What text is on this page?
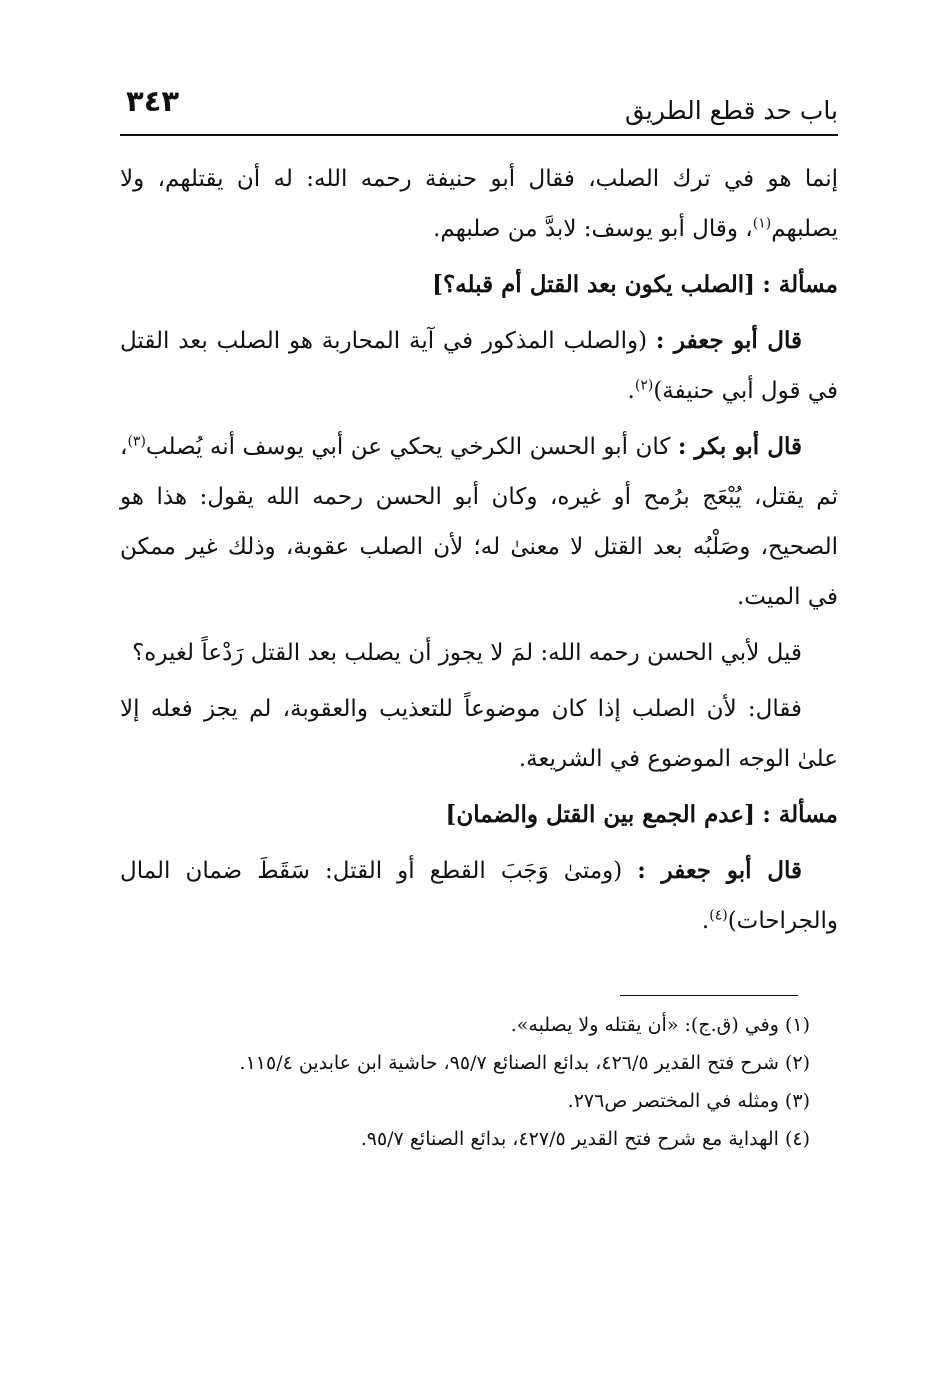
٣٤٣	باب حد قطع الطريق

إنما هو في ترك الصلب، فقال أبو حنيفة رحمه الله: له أن يقتلهم، ولا يصلبهم$^{(١)}$، وقال أبو يوسف: لابدَّ من صلبهم.

مسألة : [الصلب يكون بعد القتل أم قبله؟]

قال أبو جعفر : (والصلب المذكور في آية المحاربة هو الصلب بعد القتل في قول أبي حنيفة)$^{(٢)}$.

قال أبو بكر : كان أبو الحسن الكرخي يحكي عن أبي يوسف أنه يُصلب$^{(٣)}$، ثم يقتل، يُبْعَج برُمح أو غيره، وكان أبو الحسن رحمه الله يقول: هذا هو الصحيح، وصَلْبُه بعد القتل لا معنىٰ له؛ لأن الصلب عقوبة، وذلك غير ممكن في الميت.

قيل لأبي الحسن رحمه الله: لمَ لا يجوز أن يصلب بعد القتل رَدْعاً لغيره؟

فقال: لأن الصلب إذا كان موضوعاً للتعذيب والعقوبة، لم يجز فعله إلا علىٰ الوجه الموضوع في الشريعة.

مسألة : [عدم الجمع بين القتل والضمان]

قال أبو جعفر : (ومتىٰ وَجَبَ القطع أو القتل: سَقَطَ ضمان المال والجراحات)$^{(٤)}$.

(١) وفي (ق.ج): «أن يقتله ولا يصلبه».

(٢) شرح فتح القدير ٤٢٦/٥، بدائع الصنائع ٩٥/٧، حاشية ابن عابدين ١١٥/٤.

(٣) ومثله في المختصر ص٢٧٦.

(٤) الهداية مع شرح فتح القدير ٤٢٧/٥، بدائع الصنائع ٩٥/٧.
